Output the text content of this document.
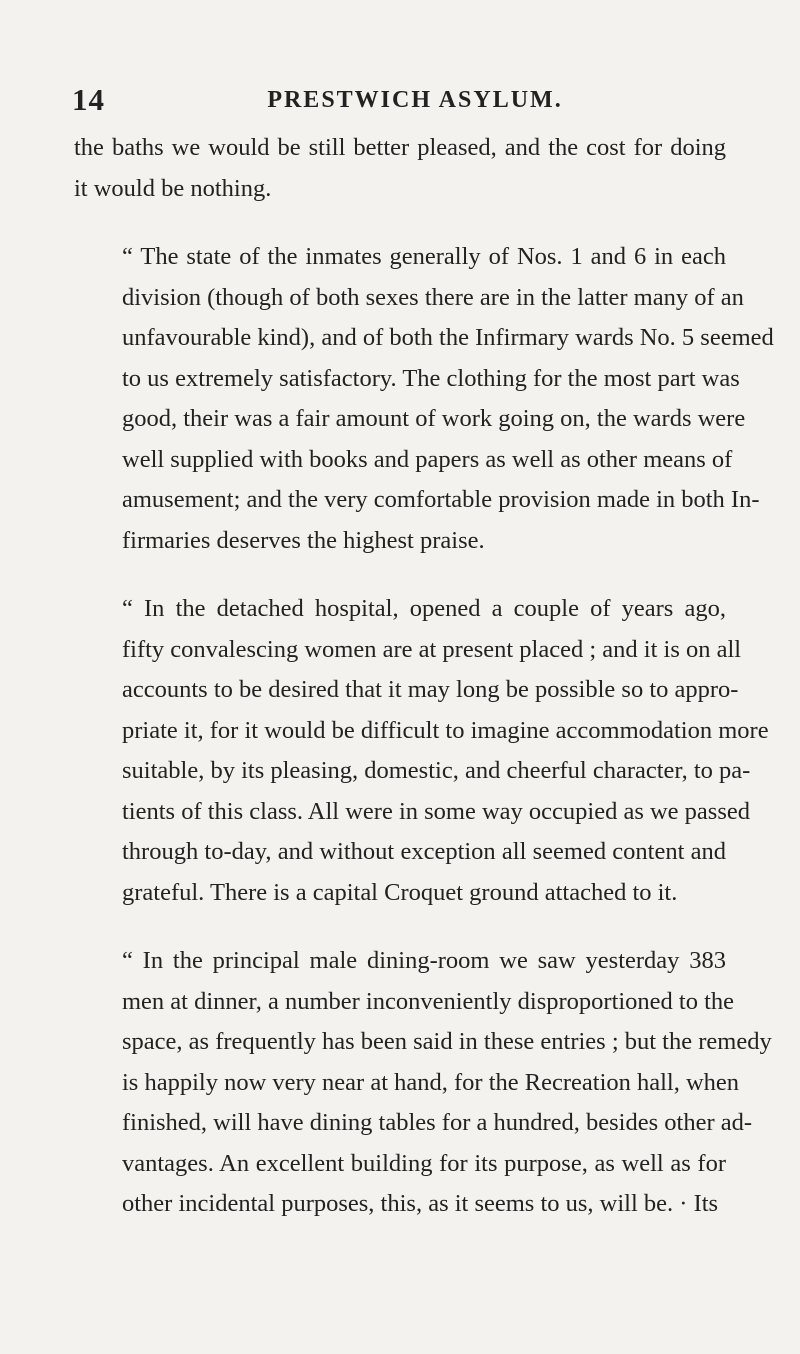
14	PRESTWICH ASYLUM.

the baths we would be still better pleased, and the cost for doing
it would be nothing.

“ The state of the inmates generally of Nos. 1 and 6 in each
division (though of both sexes there are in the latter many of an
unfavourable kind), and of both the Infirmary wards No. 5 seemed
to us extremely satisfactory. The clothing for the most part was
good, their was a fair amount of work going on, the wards were
well supplied with books and papers as well as other means of
amusement; and the very comfortable provision made in both In-
firmaries deserves the highest praise.

“ In the detached hospital, opened a couple of years ago,
fifty convalescing women are at present placed ; and it is on all
accounts to be desired that it may long be possible so to appro-
priate it, for it would be difficult to imagine accommodation more
suitable, by its pleasing, domestic, and cheerful character, to pa-
tients of this class. All were in some way occupied as we passed
through to-day, and without exception all seemed content and
grateful. There is a capital Croquet ground attached to it.

“ In the principal male dining-room we saw yesterday 383
men at dinner, a number inconveniently disproportioned to the
space, as frequently has been said in these entries ; but the remedy
is happily now very near at hand, for the Recreation hall, when
finished, will have dining tables for a hundred, besides other ad-
vantages. An excellent building for its purpose, as well as for
other incidental purposes, this, as it seems to us, will be. · Its
